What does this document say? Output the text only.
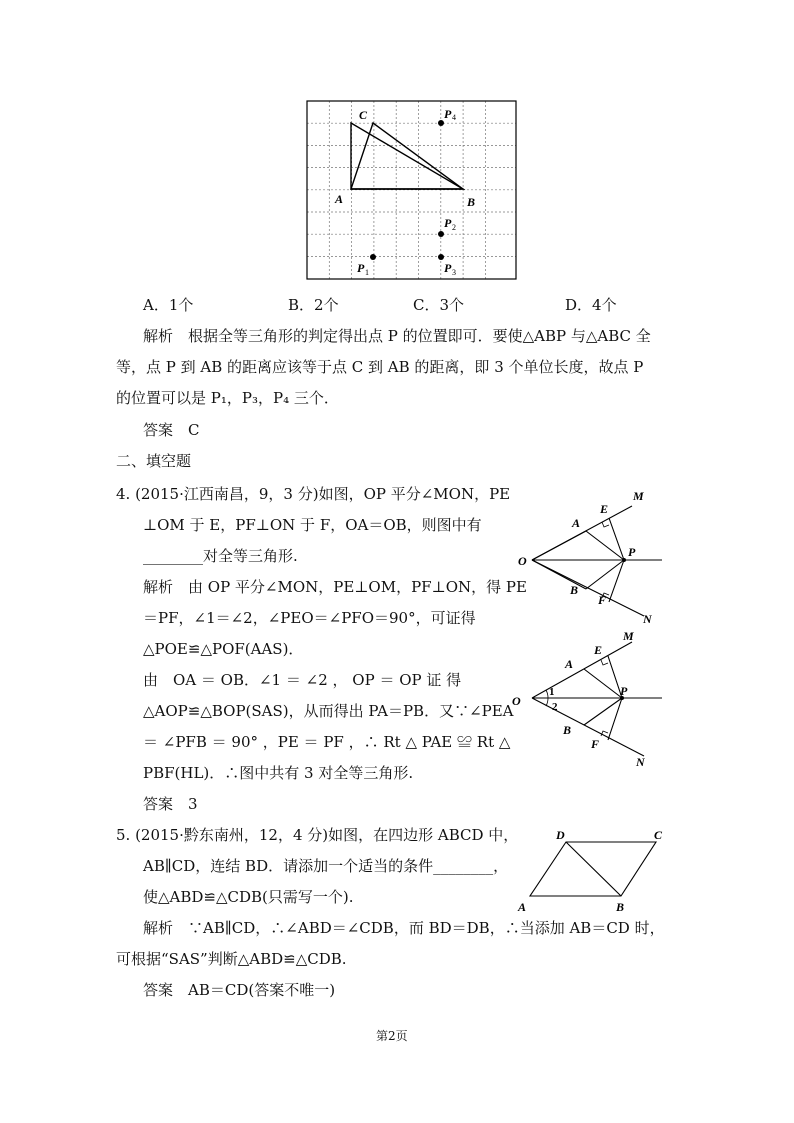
C
A	B
P 4
P 2
P 1	P 3
A．1个	B．2个	C．3个	D．4个
解析　根据全等三角形的判定得出点 P 的位置即可．要使△ABP 与△ABC 全
等，点 P 到 AB 的距离应该等于点 C 到 AB 的距离，即 3 个单位长度，故点 P
的位置可以是 P₁，P₃，P₄ 三个．
答案　C
二、填空题
4. (2015·江西南昌，9，3 分)如图，OP 平分∠MON，PE
⊥OM 于 E，PF⊥ON 于 F，OA＝OB，则图中有
________对全等三角形.
解析　由 OP 平分∠MON，PE⊥OM，PF⊥ON，得 PE
＝PF，∠1＝∠2，∠PEO＝∠PFO＝90°，可证得
△POE≌△POF(AAS)．
由　OA ＝ OB．∠1 ＝ ∠2 ， OP ＝ OP 证 得
△AOP≌△BOP(SAS)，从而得出 PA＝PB．又∵∠PEA
＝ ∠PFB ＝ 90° ，PE ＝ PF ，∴ Rt △ PAE ≌ Rt △
PBF(HL)．∴图中共有 3 对全等三角形.
答案　3
M
E
A
O
P
B
F
N
M
E
A
O
1
2
P
B
F
N
5. (2015·黔东南州，12，4 分)如图，在四边形 ABCD 中，
AB∥CD，连结 BD．请添加一个适当的条件________，
使△ABD≌△CDB(只需写一个).
D	C
A	B
解析　∵AB∥CD，∴∠ABD＝∠CDB，而 BD＝DB，∴当添加 AB＝CD 时，
可根据“SAS”判断△ABD≌△CDB.
答案　AB＝CD(答案不唯一)
第2页
